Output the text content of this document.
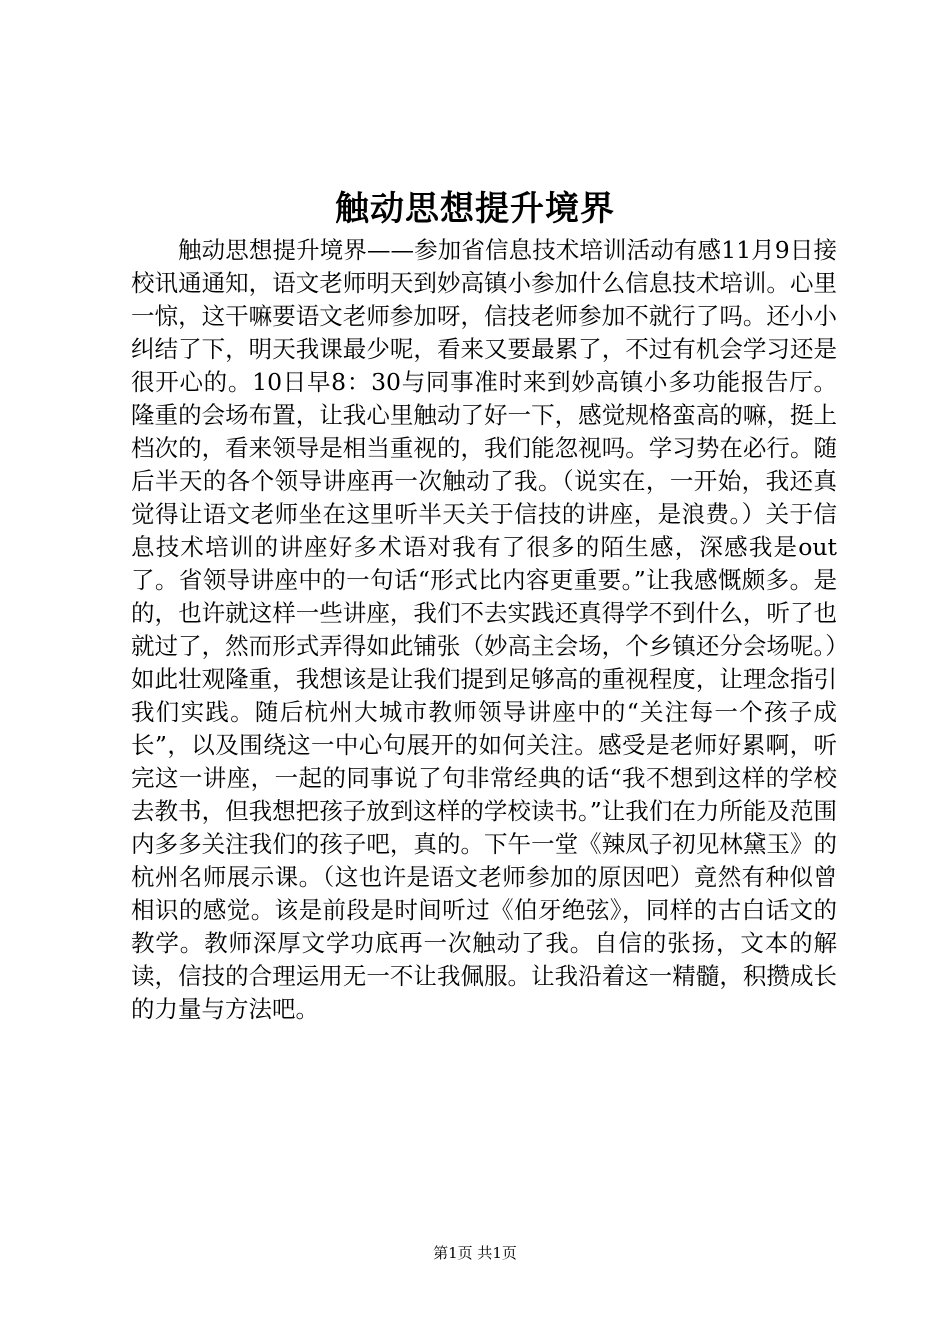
触动思想提升境界

触动思想提升境界——参加省信息技术培训活动有感11月9日接校讯通通知，语文老师明天到妙高镇小参加什么信息技术培训。心里一惊，这干嘛要语文老师参加呀，信技老师参加不就行了吗。还小小纠结了下，明天我课最少呢，看来又要最累了，不过有机会学习还是很开心的。10日早8：30与同事准时来到妙高镇小多功能报告厅。隆重的会场布置，让我心里触动了好一下，感觉规格蛮高的嘛，挺上档次的，看来领导是相当重视的，我们能忽视吗。学习势在必行。随后半天的各个领导讲座再一次触动了我。（说实在，一开始，我还真觉得让语文老师坐在这里听半天关于信技的讲座，是浪费。）关于信息技术培训的讲座好多术语对我有了很多的陌生感，深感我是out了。省领导讲座中的一句话“形式比内容更重要。”让我感慨颇多。是的，也许就这样一些讲座，我们不去实践还真得学不到什么，听了也就过了，然而形式弄得如此铺张（妙高主会场，个乡镇还分会场呢。）如此壮观隆重，我想该是让我们提到足够高的重视程度，让理念指引我们实践。随后杭州大城市教师领导讲座中的“关注每一个孩子成长”，以及围绕这一中心句展开的如何关注。感受是老师好累啊，听完这一讲座，一起的同事说了句非常经典的话“我不想到这样的学校去教书，但我想把孩子放到这样的学校读书。”让我们在力所能及范围内多多关注我们的孩子吧，真的。下午一堂《辣凤子初见林黛玉》的杭州名师展示课。（这也许是语文老师参加的原因吧）竟然有种似曾相识的感觉。该是前段是时间听过《伯牙绝弦》，同样的古白话文的教学。教师深厚文学功底再一次触动了我。自信的张扬，文本的解读，信技的合理运用无一不让我佩服。让我沿着这一精髓，积攒成长的力量与方法吧。

第1页 共1页
